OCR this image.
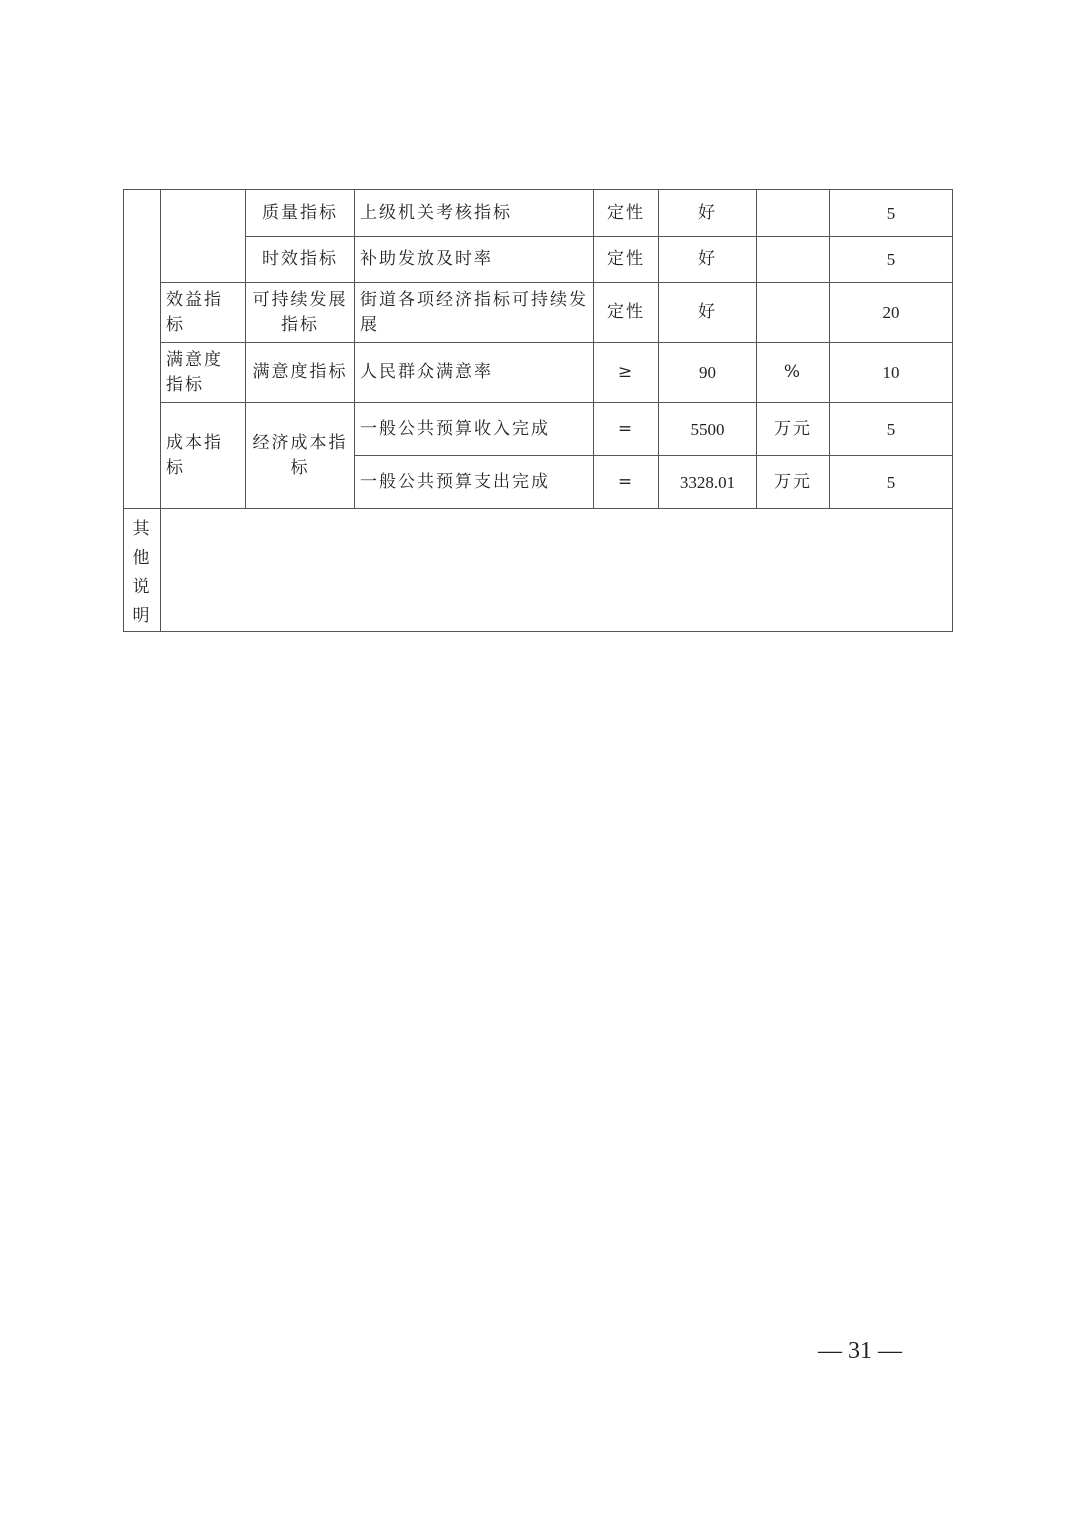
		质量指标	上级机关考核指标	定性	好		5
		时效指标	补助发放及时率	定性	好		5
	效益指标	可持续发展指标	街道各项经济指标可持续发展	定性	好		20
	满意度指标	满意度指标	人民群众满意率	≥	90	%	10
	成本指标	经济成本指标	一般公共预算收入完成	=	5500	万元	5
			一般公共预算支出完成	=	3328.01	万元	5

其
他
说
明							

— 31 —
